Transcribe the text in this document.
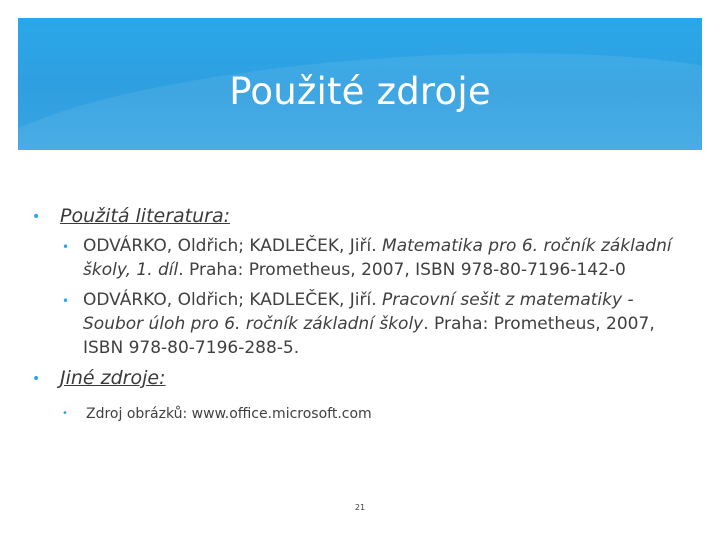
Použité zdroje
• Použitá literatura:
• ODVÁRKO, Oldřich; KADLEČEK, Jiří. Matematika pro 6. ročník základní školy, 1. díl. Praha: Prometheus, 2007, ISBN 978-80-7196-142-0
• ODVÁRKO, Oldřich; KADLEČEK, Jiří. Pracovní sešit z matematiky - Soubor úloh pro 6. ročník základní školy. Praha: Prometheus, 2007, ISBN 978-80-7196-288-5.
• Jiné zdroje:
• Zdroj obrázků: www.office.microsoft.com
21
